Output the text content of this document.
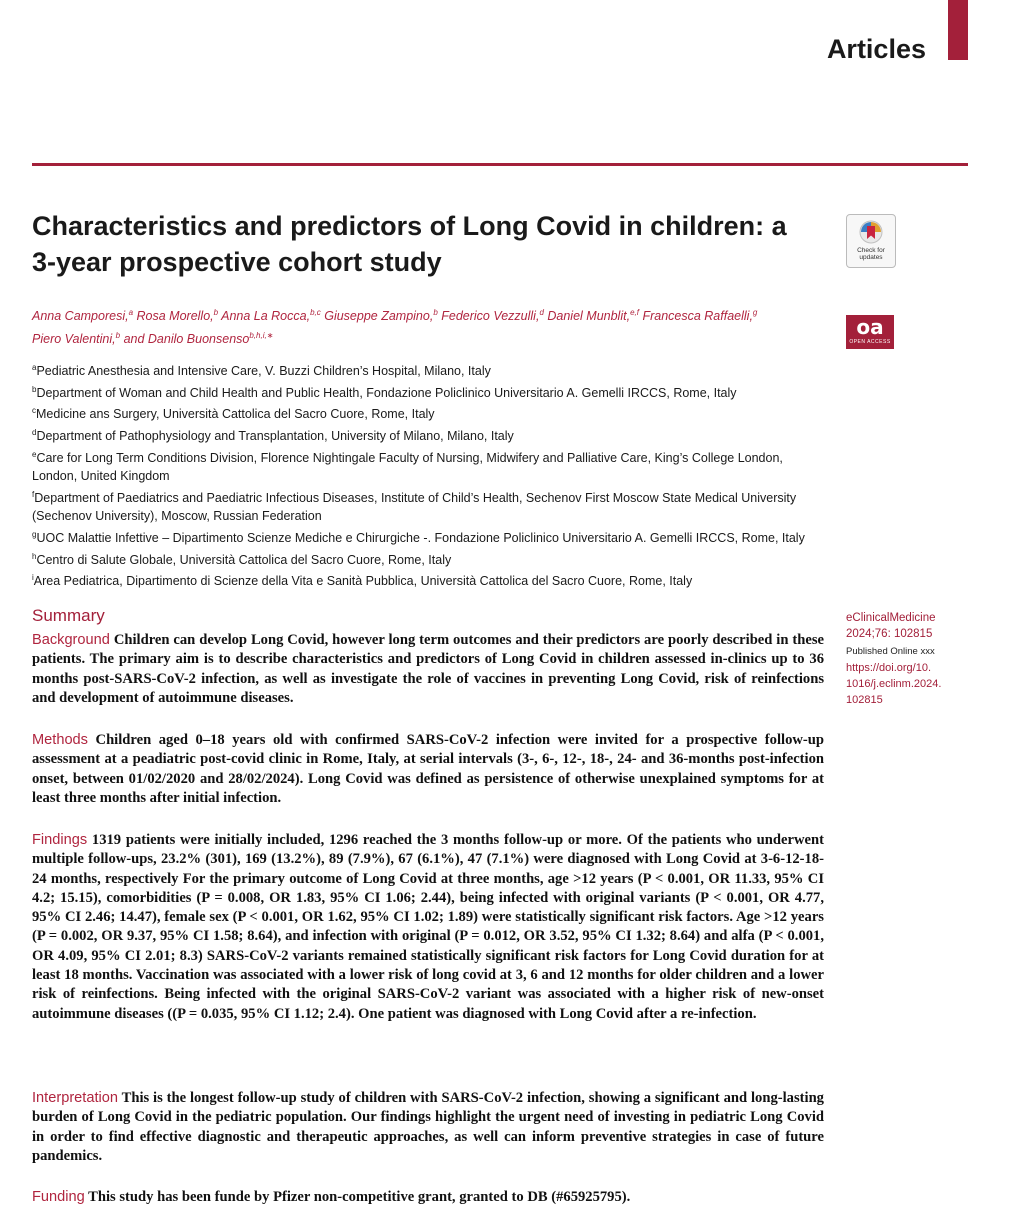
Articles
Characteristics and predictors of Long Covid in children: a 3-year prospective cohort study	Check for updates
oa
OPEN ACCESS
Anna Camporesi,$^a$ Rosa Morello,$^b$ Anna La Rocca,$^{b,c}$ Giuseppe Zampino,$^b$ Federico Vezzulli,$^d$ Daniel Munblit,$^{e,f}$ Francesca Raffaelli,$^g$
Piero Valentini,$^b$ and Danilo Buonsenso$^{b,h,i,∗}$

$^a$Pediatric Anesthesia and Intensive Care, V. Buzzi Children’s Hospital, Milano, Italy

$^b$Department of Woman and Child Health and Public Health, Fondazione Policlinico Universitario A. Gemelli IRCCS, Rome, Italy

$^c$Medicine ans Surgery, Università Cattolica del Sacro Cuore, Rome, Italy

$^d$Department of Pathophysiology and Transplantation, University of Milano, Milano, Italy

$^e$Care for Long Term Conditions Division, Florence Nightingale Faculty of Nursing, Midwifery and Palliative Care, King’s College London, London, United Kingdom

$^f$Department of Paediatrics and Paediatric Infectious Diseases, Institute of Child’s Health, Sechenov First Moscow State Medical University (Sechenov University), Moscow, Russian Federation

$^g$UOC Malattie Infettive – Dipartimento Scienze Mediche e Chirurgiche -. Fondazione Policlinico Universitario A. Gemelli IRCCS, Rome, Italy

$^h$Centro di Salute Globale, Università Cattolica del Sacro Cuore, Rome, Italy

$^i$Area Pediatrica, Dipartimento di Scienze della Vita e Sanità Pubblica, Università Cattolica del Sacro Cuore, Rome, Italy

Summary

Background Children can develop Long Covid, however long term outcomes and their predictors are poorly described in these patients. The primary aim is to describe characteristics and predictors of Long Covid in children assessed in-clinics up to 36 months post-SARS-CoV-2 infection, as well as investigate the role of vaccines in preventing Long Covid, risk of reinfections and development of autoimmune diseases.

Methods Children aged 0–18 years old with confirmed SARS-CoV-2 infection were invited for a prospective follow-up assessment at a peadiatric post-covid clinic in Rome, Italy, at serial intervals (3-, 6-, 12-, 18-, 24- and 36-months post-infection onset, between 01/02/2020 and 28/02/2024). Long Covid was defined as persistence of otherwise unexplained symptoms for at least three months after initial infection.

Findings 1319 patients were initially included, 1296 reached the 3 months follow-up or more. Of the patients who underwent multiple follow-ups, 23.2% (301), 169 (13.2%), 89 (7.9%), 67 (6.1%), 47 (7.1%) were diagnosed with Long Covid at 3-6-12-18-24 months, respectively For the primary outcome of Long Covid at three months, age >12 years (P < 0.001, OR 11.33, 95% CI 4.2; 15.15), comorbidities (P = 0.008, OR 1.83, 95% CI 1.06; 2.44), being infected with original variants (P < 0.001, OR 4.77, 95% CI 2.46; 14.47), female sex (P < 0.001, OR 1.62, 95% CI 1.02; 1.89) were statistically significant risk factors. Age >12 years (P = 0.002, OR 9.37, 95% CI 1.58; 8.64), and infection with original (P = 0.012, OR 3.52, 95% CI 1.32; 8.64) and alfa (P < 0.001, OR 4.09, 95% CI 2.01; 8.3) SARS-CoV-2 variants remained statistically significant risk factors for Long Covid duration for at least 18 months. Vaccination was associated with a lower risk of long covid at 3, 6 and 12 months for older children and a lower risk of reinfections. Being infected with the original SARS-CoV-2 variant was associated with a higher risk of new-onset autoimmune diseases ((P = 0.035, 95% CI 1.12; 2.4). One patient was diagnosed with Long Covid after a re-infection.

Interpretation This is the longest follow-up study of children with SARS-CoV-2 infection, showing a significant and long-lasting burden of Long Covid in the pediatric population. Our findings highlight the urgent need of investing in pediatric Long Covid in order to find effective diagnostic and therapeutic approaches, as well can inform preventive strategies in case of future pandemics.

Funding This study has been funde by Pfizer non-competitive grant, granted to DB (#65925795).

eClinicalMedicine
2024;76: 102815
Published Online xxx
https://doi.org/10.
1016/j.eclinm.2024.
102815
